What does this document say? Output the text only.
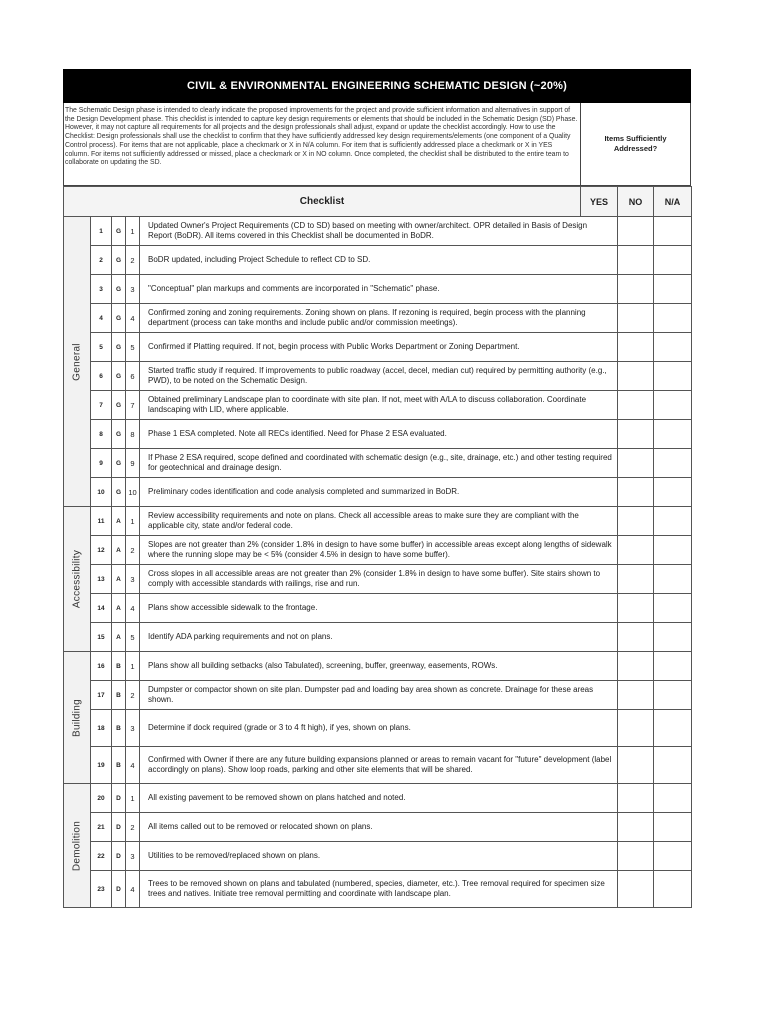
CIVIL & ENVIRONMENTAL ENGINEERING SCHEMATIC DESIGN (~20%)
The Schematic Design phase is intended to clearly indicate the proposed improvements for the project and provide sufficient information and alternatives in support of the Design Development phase. This checklist is intended to capture key design requirements or elements that should be included in the Schematic Design (SD) Phase. However, it may not capture all requirements for all projects and the design professionals shall adjust, expand or update the checklist accordingly. How to use the Checklist: Design professionals shall use the checklist to confirm that they have sufficiently addressed key design requirements/elements (one component of a Quality Control process). For items that are not applicable, place a checkmark or X in N/A column. For item that is sufficiently addressed place a checkmark or X in YES column. For items not sufficiently addressed or missed, place a checkmark or X in NO column. Once completed, the checklist shall be distributed to the entire team to collaborate on updating the SD.
Items Sufficiently Addressed?
Checklist					YES	NO	N/A	

General	1	G	1	Updated Owner's Project Requirements (CD to SD) based on meeting with owner/architect. OPR detailed in Basis of Design Report (BoDR). All items covered in this Checklist shall be documented in BoDR.				
	2	G	2	BoDR updated, including Project Schedule to reflect CD to SD.				
	3	G	3	"Conceptual" plan markups and comments are incorporated in "Schematic" phase.				
	4	G	4	Confirmed zoning and zoning requirements. Zoning shown on plans. If rezoning is required, begin process with the planning department (process can take months and include public and/or commission meetings).				
	5	G	5	Confirmed if Platting required. If not, begin process with Public Works Department or Zoning Department.				
	6	G	6	Started traffic study if required. If improvements to public roadway (accel, decel, median cut) required by permitting authority (e.g., PWD), to be noted on the Schematic Design.				
	7	G	7	Obtained preliminary Landscape plan to coordinate with site plan. If not, meet with A/LA to discuss collaboration. Coordinate landscaping with LID, where applicable.				
	8	G	8	Phase 1 ESA completed. Note all RECs identified. Need for Phase 2 ESA evaluated.				
	9	G	9	If Phase 2 ESA required, scope defined and coordinated with schematic design (e.g., site, drainage, etc.) and other testing required for geotechnical and drainage design.				
	10	G	10	Preliminary codes identification and code analysis completed and summarized in BoDR.				

Accessibility	11	A	1	Review accessibility requirements and note on plans. Check all accessible areas to make sure they are compliant with the applicable city, state and/or federal code.				
	12	A	2	Slopes are not greater than 2% (consider 1.8% in design to have some buffer) in accessible areas except along lengths of sidewalk where the running slope may be < 5% (consider 4.5% in design to have some buffer).				
	13	A	3	Cross slopes in all accessible areas are not greater than 2% (consider 1.8% in design to have some buffer). Site stairs shown to comply with accessible standards with railings, rise and run.				
	14	A	4	Plans show accessible sidewalk to the frontage.				
	15	A	5	Identify ADA parking requirements and not on plans.				

Building	16	B	1	Plans show all building setbacks (also Tabulated), screening, buffer, greenway, easements, ROWs.				
	17	B	2	Dumpster or compactor shown on site plan. Dumpster pad and loading bay area shown as concrete. Drainage for these areas shown.				
	18	B	3	Determine if dock required (grade or 3 to 4 ft high), if yes, shown on plans.				
	19	B	4	Confirmed with Owner if there are any future building expansions planned or areas to remain vacant for "future" development (label accordingly on plans). Show loop roads, parking and other site elements that will be shared.				

Demolition	20	D	1	All existing pavement to be removed shown on plans hatched and noted.				
	21	D	2	All items called out to be removed or relocated shown on plans.				
	22	D	3	Utilities to be removed/replaced shown on plans.				
	23	D	4	Trees to be removed shown on plans and tabulated (numbered, species, diameter, etc.). Tree removal required for specimen size trees and natives. Initiate tree removal permitting and coordinate with landscape plan.				
